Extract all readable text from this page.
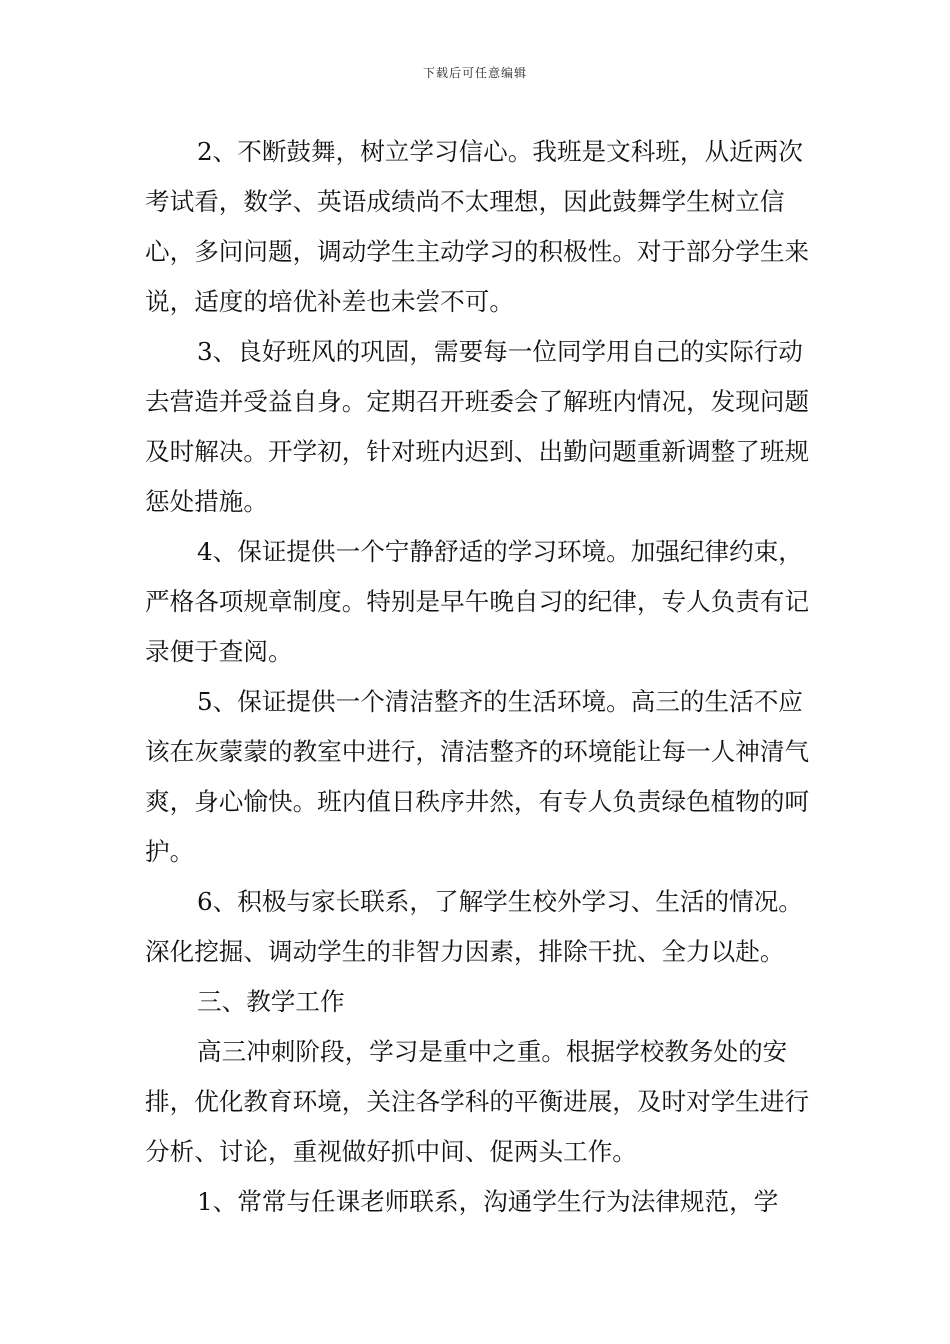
下载后可任意编辑

2、不断鼓舞，树立学习信心。我班是文科班，从近两次考试看，数学、英语成绩尚不太理想，因此鼓舞学生树立信心，多问问题，调动学生主动学习的积极性。对于部分学生来说，适度的培优补差也未尝不可。

3、良好班风的巩固，需要每一位同学用自己的实际行动去营造并受益自身。定期召开班委会了解班内情况，发现问题及时解决。开学初，针对班内迟到、出勤问题重新调整了班规惩处措施。

4、保证提供一个宁静舒适的学习环境。加强纪律约束，严格各项规章制度。特别是早午晚自习的纪律，专人负责有记录便于查阅。

5、保证提供一个清洁整齐的生活环境。高三的生活不应该在灰蒙蒙的教室中进行，清洁整齐的环境能让每一人神清气爽，身心愉快。班内值日秩序井然，有专人负责绿色植物的呵护。

6、积极与家长联系，了解学生校外学习、生活的情况。深化挖掘、调动学生的非智力因素，排除干扰、全力以赴。

三、教学工作

高三冲刺阶段，学习是重中之重。根据学校教务处的安排，优化教育环境，关注各学科的平衡进展，及时对学生进行分析、讨论，重视做好抓中间、促两头工作。

1、常常与任课老师联系，沟通学生行为法律规范，学
